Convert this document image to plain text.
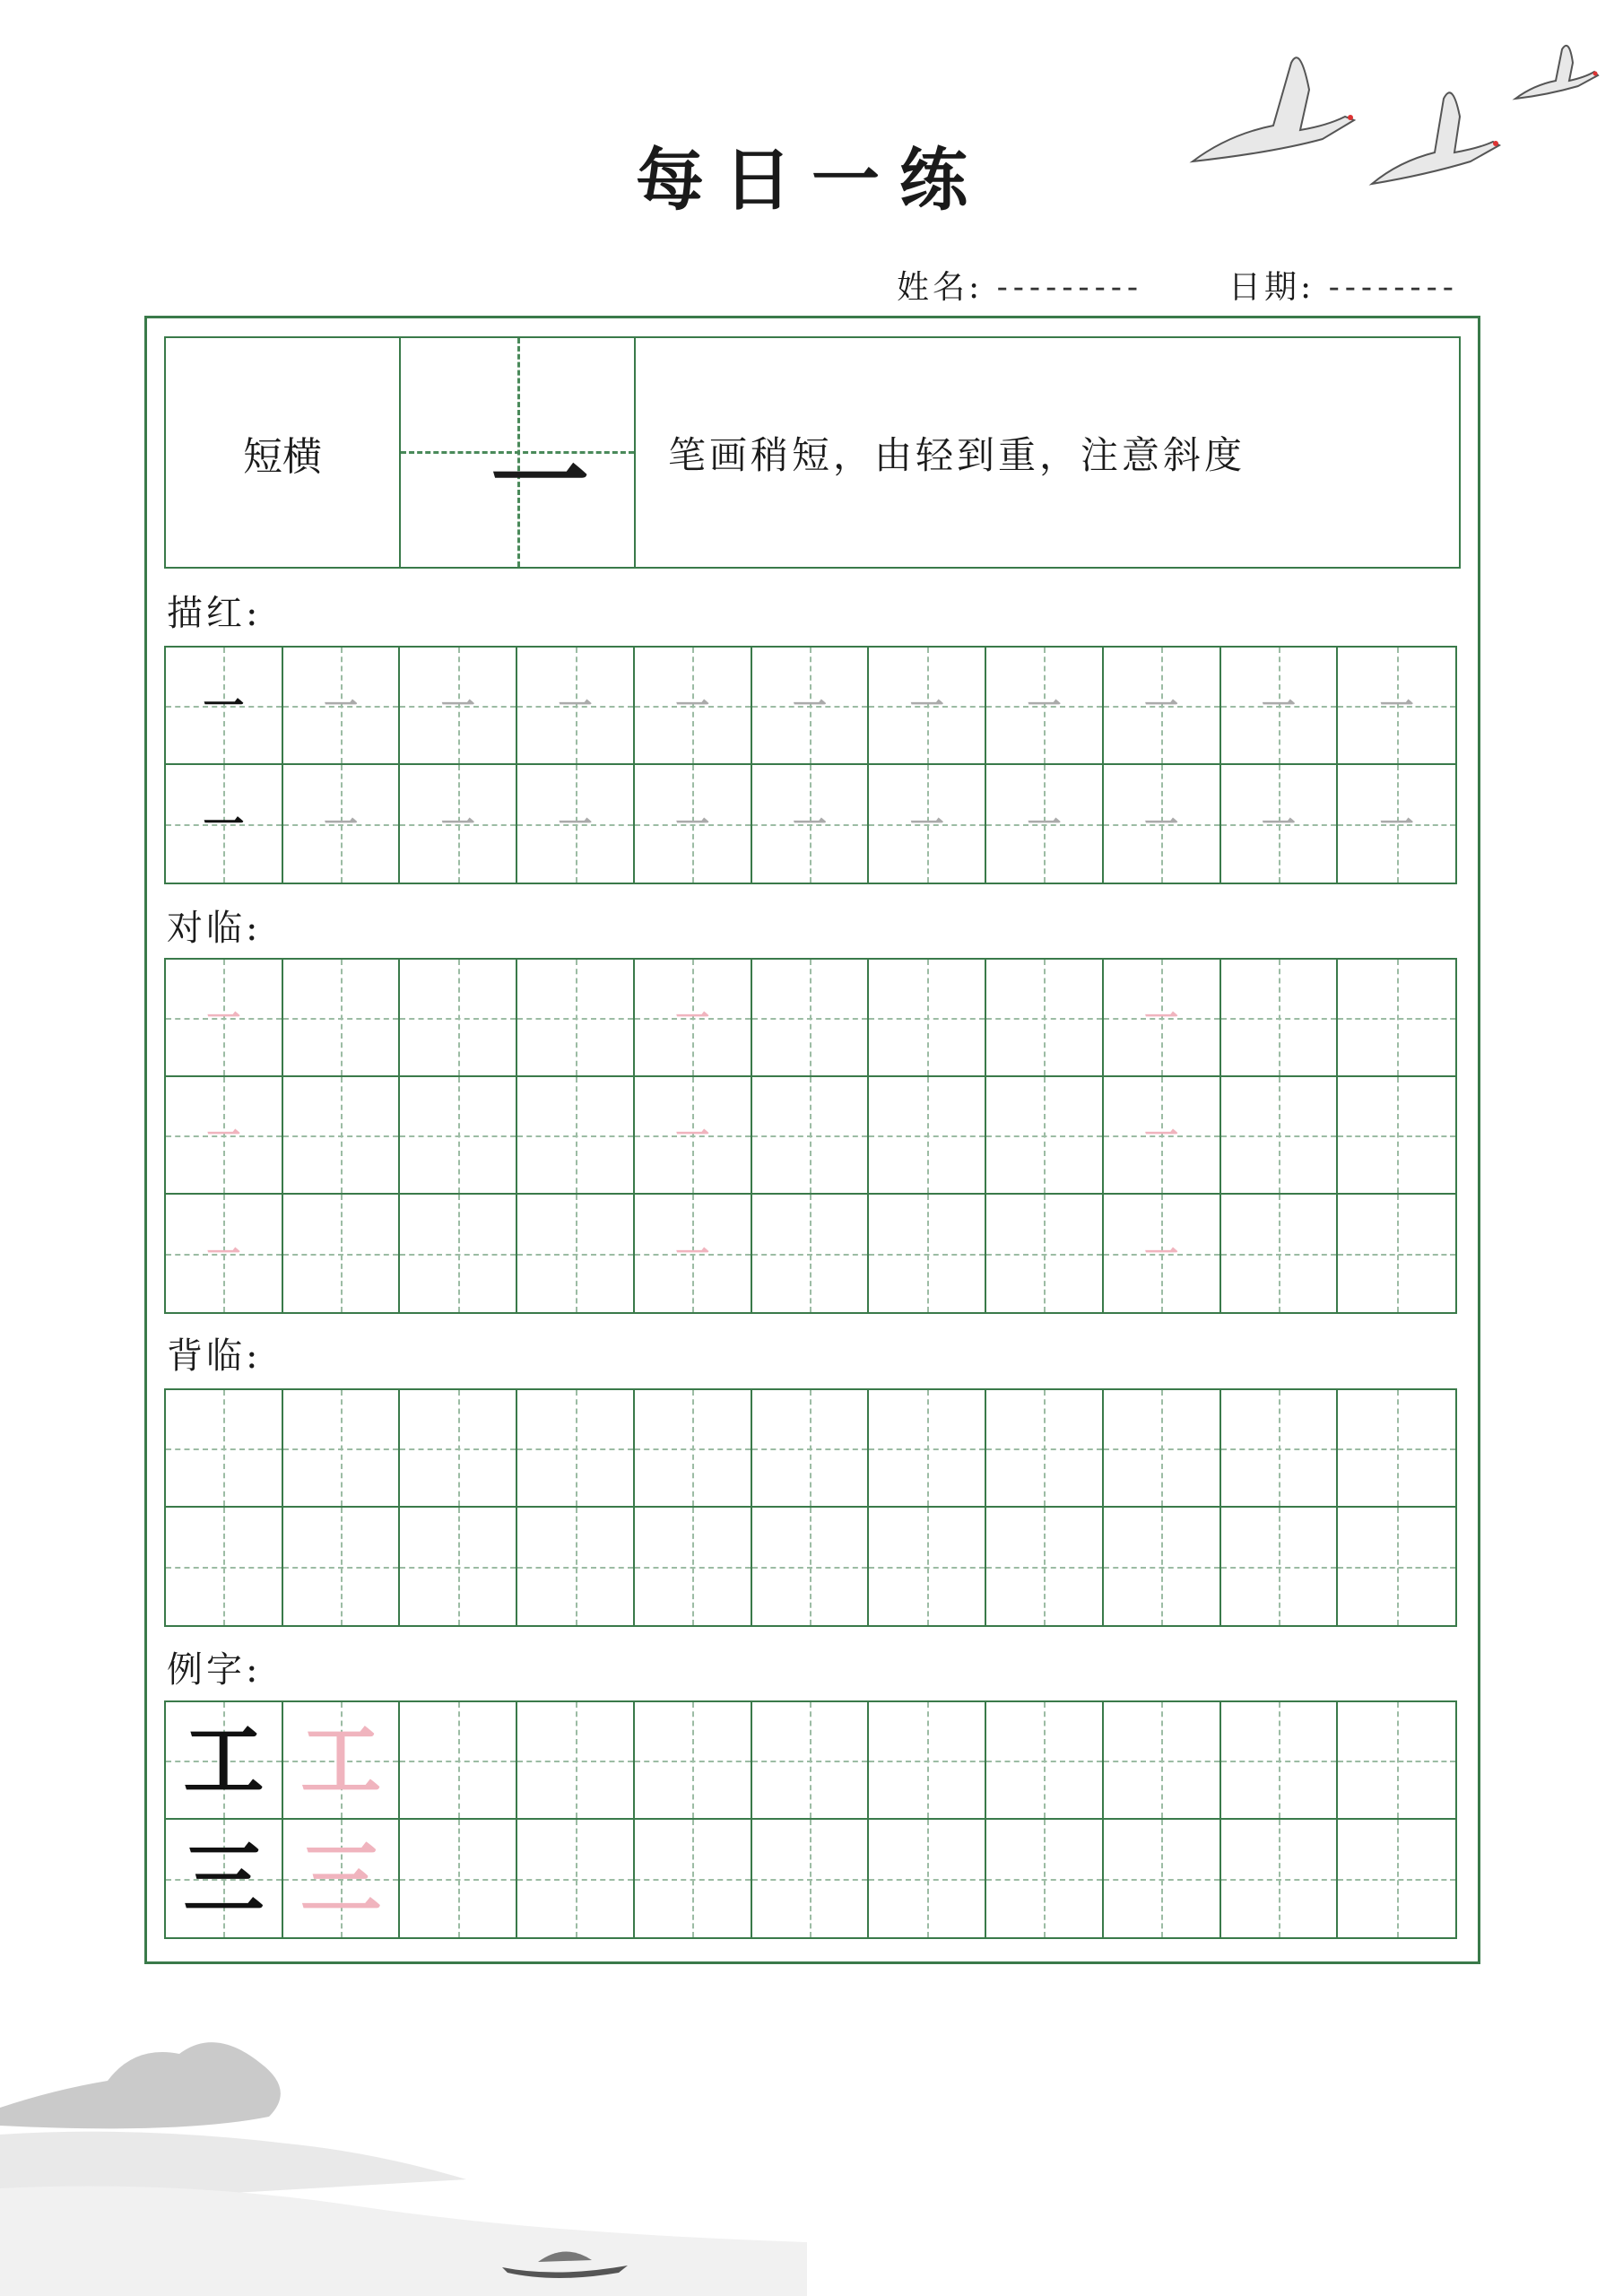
每日一练
姓名: ---------	日期: --------
短横	一 笔画稍短，由轻到重，注意斜度
描红:
一 一 一 一 一 一 一 一 一 一 一
一 一 一 一 一 一 一 一 一 一 一
对临:
一	一	一
一	一	一
一	一	一
背临:
例字:
工 工
三 三
